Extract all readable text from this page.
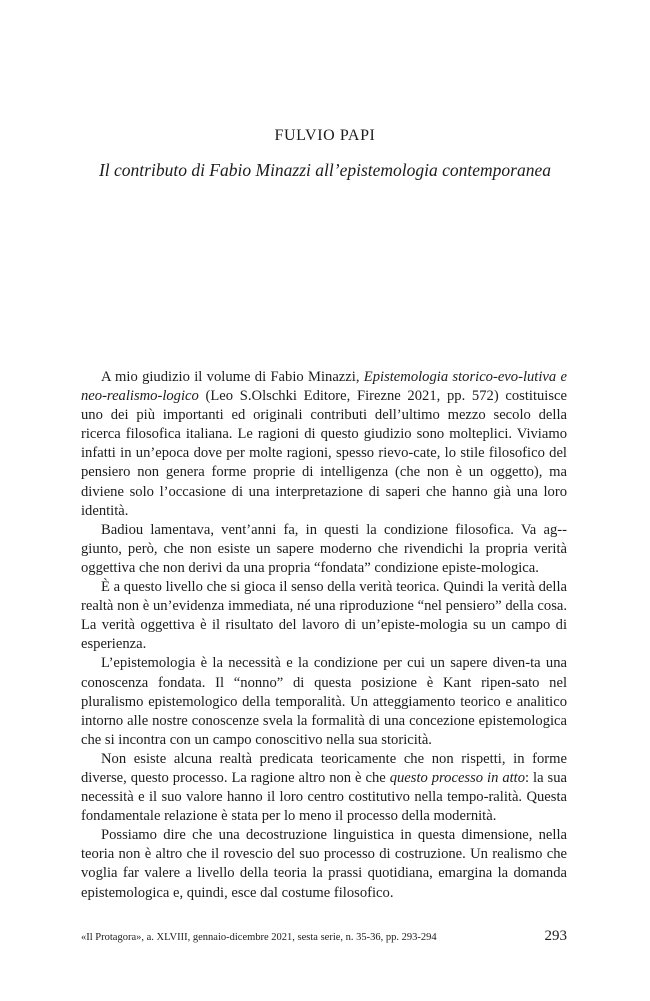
FULVIO PAPI
Il contributo di Fabio Minazzi all’epistemologia contemporanea

A mio giudizio il volume di Fabio Minazzi, Epistemologia storico-evo-lutiva e neo-realismo-logico (Leo S.Olschki Editore, Firezne 2021, pp. 572) costituisce uno dei più importanti ed originali contributi dell’ultimo mezzo secolo della ricerca filosofica italiana. Le ragioni di questo giudizio sono molteplici. Viviamo infatti in un’epoca dove per molte ragioni, spesso rievo-cate, lo stile filosofico del pensiero non genera forme proprie di intelligenza (che non è un oggetto), ma diviene solo l’occasione di una interpretazione di saperi che hanno già una loro identità.

Badiou lamentava, vent’anni fa, in questi la condizione filosofica. Va ag-giunto, però, che non esiste un sapere moderno che rivendichi la propria verità oggettiva che non derivi da una propria “fondata” condizione episte-mologica.

È a questo livello che si gioca il senso della verità teorica. Quindi la verità della realtà non è un’evidenza immediata, né una riproduzione “nel pensiero” della cosa. La verità oggettiva è il risultato del lavoro di un’episte-mologia su un campo di esperienza.

L’epistemologia è la necessità e la condizione per cui un sapere diven-ta una conoscenza fondata. Il “nonno” di questa posizione è Kant ripen-sato nel pluralismo epistemologico della temporalità. Un atteggiamento teorico e analitico intorno alle nostre conoscenze svela la formalità di una concezione epistemologica che si incontra con un campo conoscitivo nella sua storicità.

Non esiste alcuna realtà predicata teoricamente che non rispetti, in forme diverse, questo processo. La ragione altro non è che questo processo in atto: la sua necessità e il suo valore hanno il loro centro costitutivo nella tempo-ralità. Questa fondamentale relazione è stata per lo meno il processo della modernità.

Possiamo dire che una decostruzione linguistica in questa dimensione, nella teoria non è altro che il rovescio del suo processo di costruzione. Un realismo che voglia far valere a livello della teoria la prassi quotidiana, emargina la domanda epistemologica e, quindi, esce dal costume filosofico.

«Il Protagora», a. XLVIII, gennaio-dicembre 2021, sesta serie, n. 35-36, pp. 293-294	293
